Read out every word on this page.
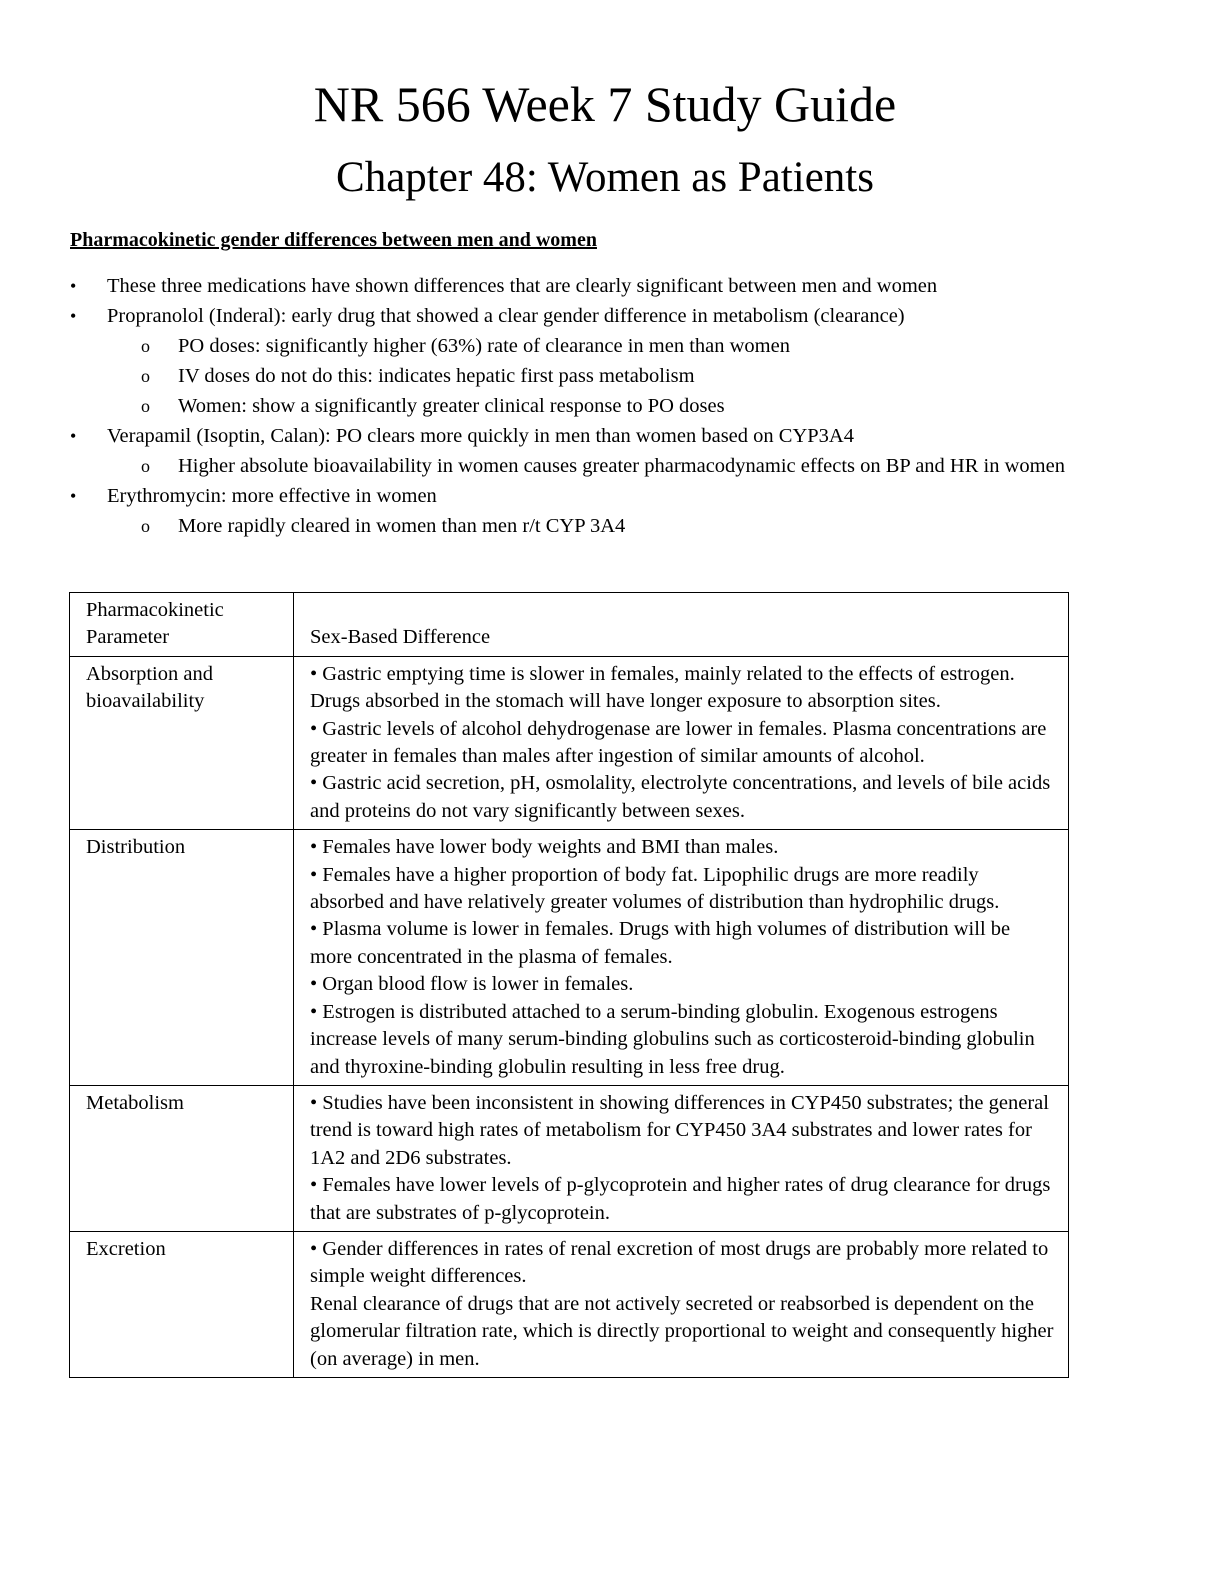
NR 566 Week 7 Study Guide
Chapter 48: Women as Patients

Pharmacokinetic gender differences between men and women

• These three medications have shown differences that are clearly significant between men and women
• Propranolol (Inderal): early drug that showed a clear gender difference in metabolism (clearance)
o PO doses: significantly higher (63%) rate of clearance in men than women
o IV doses do not do this: indicates hepatic first pass metabolism
o Women: show a significantly greater clinical response to PO doses
• Verapamil (Isoptin, Calan): PO clears more quickly in men than women based on CYP3A4
o Higher absolute bioavailability in women causes greater pharmacodynamic effects on BP and HR in women
• Erythromycin: more effective in women
o More rapidly cleared in women than men r/t CYP 3A4
Pharmacokinetic Parameter	Sex-Based Difference
Absorption and bioavailability	• Gastric emptying time is slower in females, mainly related to the effects of estrogen. Drugs absorbed in the stomach will have longer exposure to absorption sites.
• Gastric levels of alcohol dehydrogenase are lower in females. Plasma concentrations are greater in females than males after ingestion of similar amounts of alcohol.
• Gastric acid secretion, pH, osmolality, electrolyte concentrations, and levels of bile acids and proteins do not vary significantly between sexes.

Distribution	• Females have lower body weights and BMI than males.
• Females have a higher proportion of body fat. Lipophilic drugs are more readily absorbed and have relatively greater volumes of distribution than hydrophilic drugs.
• Plasma volume is lower in females. Drugs with high volumes of distribution will be more concentrated in the plasma of females.
• Organ blood flow is lower in females.
• Estrogen is distributed attached to a serum-binding globulin. Exogenous estrogens increase levels of many serum-binding globulins such as corticosteroid-binding globulin and thyroxine-binding globulin resulting in less free drug.

Metabolism	• Studies have been inconsistent in showing differences in CYP450 substrates; the general trend is toward high rates of metabolism for CYP450 3A4 substrates and lower rates for 1A2 and 2D6 substrates.
• Females have lower levels of p-glycoprotein and higher rates of drug clearance for drugs that are substrates of p-glycoprotein.

Excretion	• Gender differences in rates of renal excretion of most drugs are probably more related to simple weight differences.
Renal clearance of drugs that are not actively secreted or reabsorbed is dependent on the glomerular filtration rate, which is directly proportional to weight and consequently higher (on average) in men.
